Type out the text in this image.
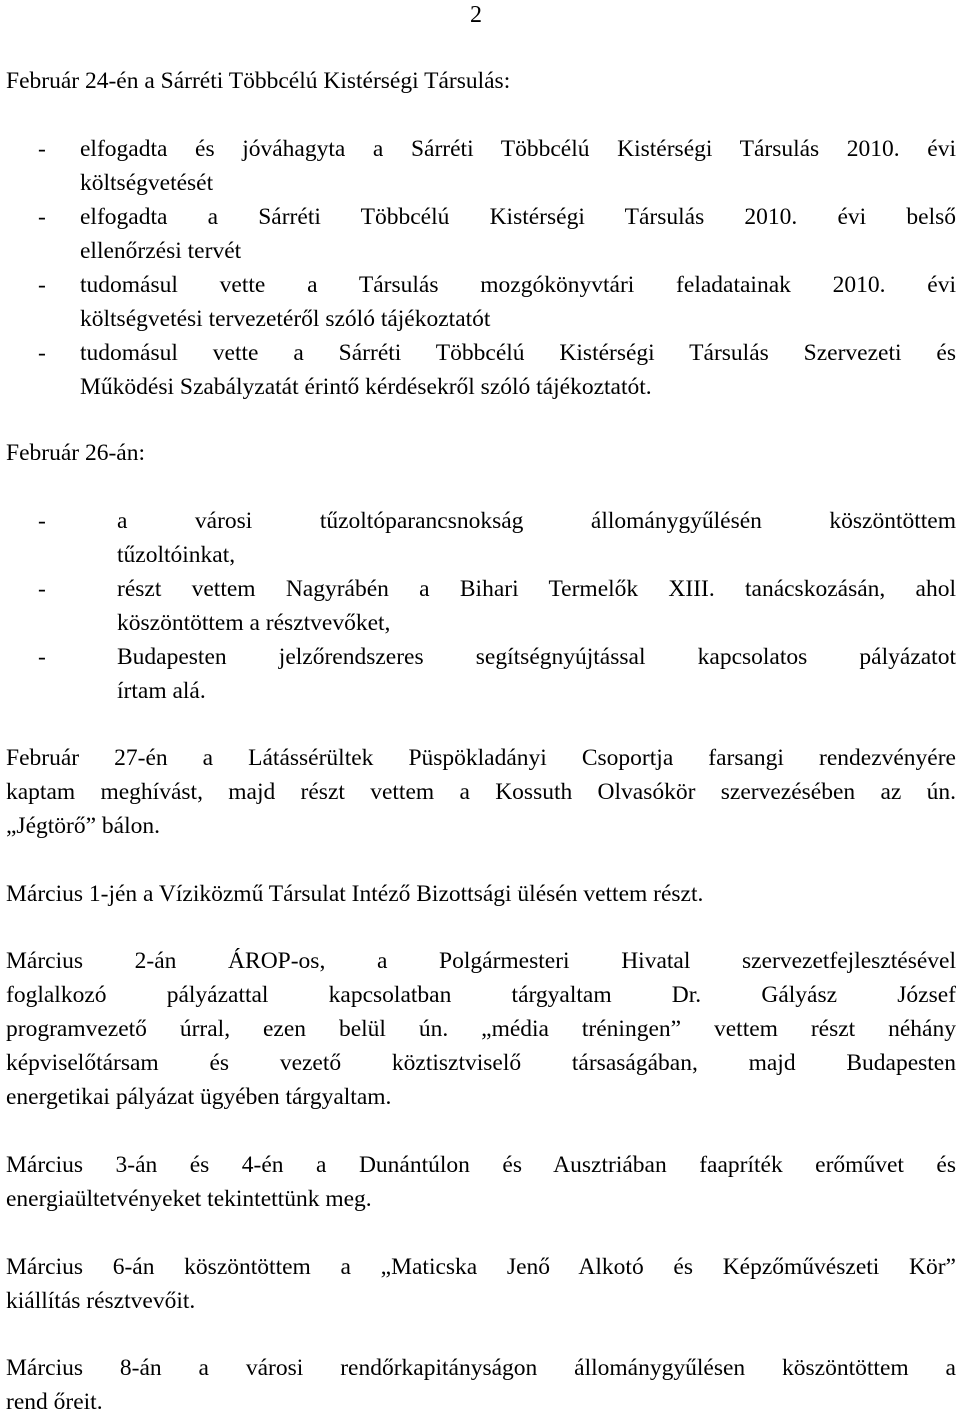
2

Február 24-én a Sárréti Többcélú Kistérségi Társulás:

- elfogadta és jóváhagyta a Sárréti Többcélú Kistérségi Társulás 2010. évi
költségvetését
- elfogadta a Sárréti Többcélú Kistérségi Társulás 2010. évi belső
ellenőrzési tervét
- tudomásul vette a Társulás mozgókönyvtári feladatainak 2010. évi
költségvetési tervezetéről szóló tájékoztatót
- tudomásul vette a Sárréti Többcélú Kistérségi Társulás Szervezeti és
Működési Szabályzatát érintő kérdésekről szóló tájékoztatót.

Február 26-án:

-	a városi tűzoltóparancsnokság állománygyűlésén köszöntöttem
tűzoltóinkat,
-	részt vettem Nagyrábén a Bihari Termelők XIII. tanácskozásán, ahol
köszöntöttem a résztvevőket,
-	Budapesten jelzőrendszeres segítségnyújtással kapcsolatos pályázatot
írtam alá.

Február 27-én a Látássérültek Püspökladányi Csoportja farsangi rendezvényére
kaptam meghívást, majd részt vettem a Kossuth Olvasókör szervezésében az ún.
„Jégtörő” bálon.

Március 1-jén a Víziközmű Társulat Intéző Bizottsági ülésén vettem részt.

Március 2-án ÁROP-os, a Polgármesteri Hivatal szervezetfejlesztésével
foglalkozó pályázattal kapcsolatban tárgyaltam Dr. Gályász József
programvezető úrral, ezen belül ún. „média tréningen” vettem részt néhány
képviselőtársam és vezető köztisztviselő társaságában, majd Budapesten
energetikai pályázat ügyében tárgyaltam.

Március 3-án és 4-én a Dunántúlon és Ausztriában faapríték erőművet és
energiaültetvényeket tekintettünk meg.

Március 6-án köszöntöttem a „Maticska Jenő Alkotó és Képzőművészeti Kör”
kiállítás résztvevőit.

Március 8-án a városi rendőrkapitányságon állománygyűlésen köszöntöttem a
rend őreit.
